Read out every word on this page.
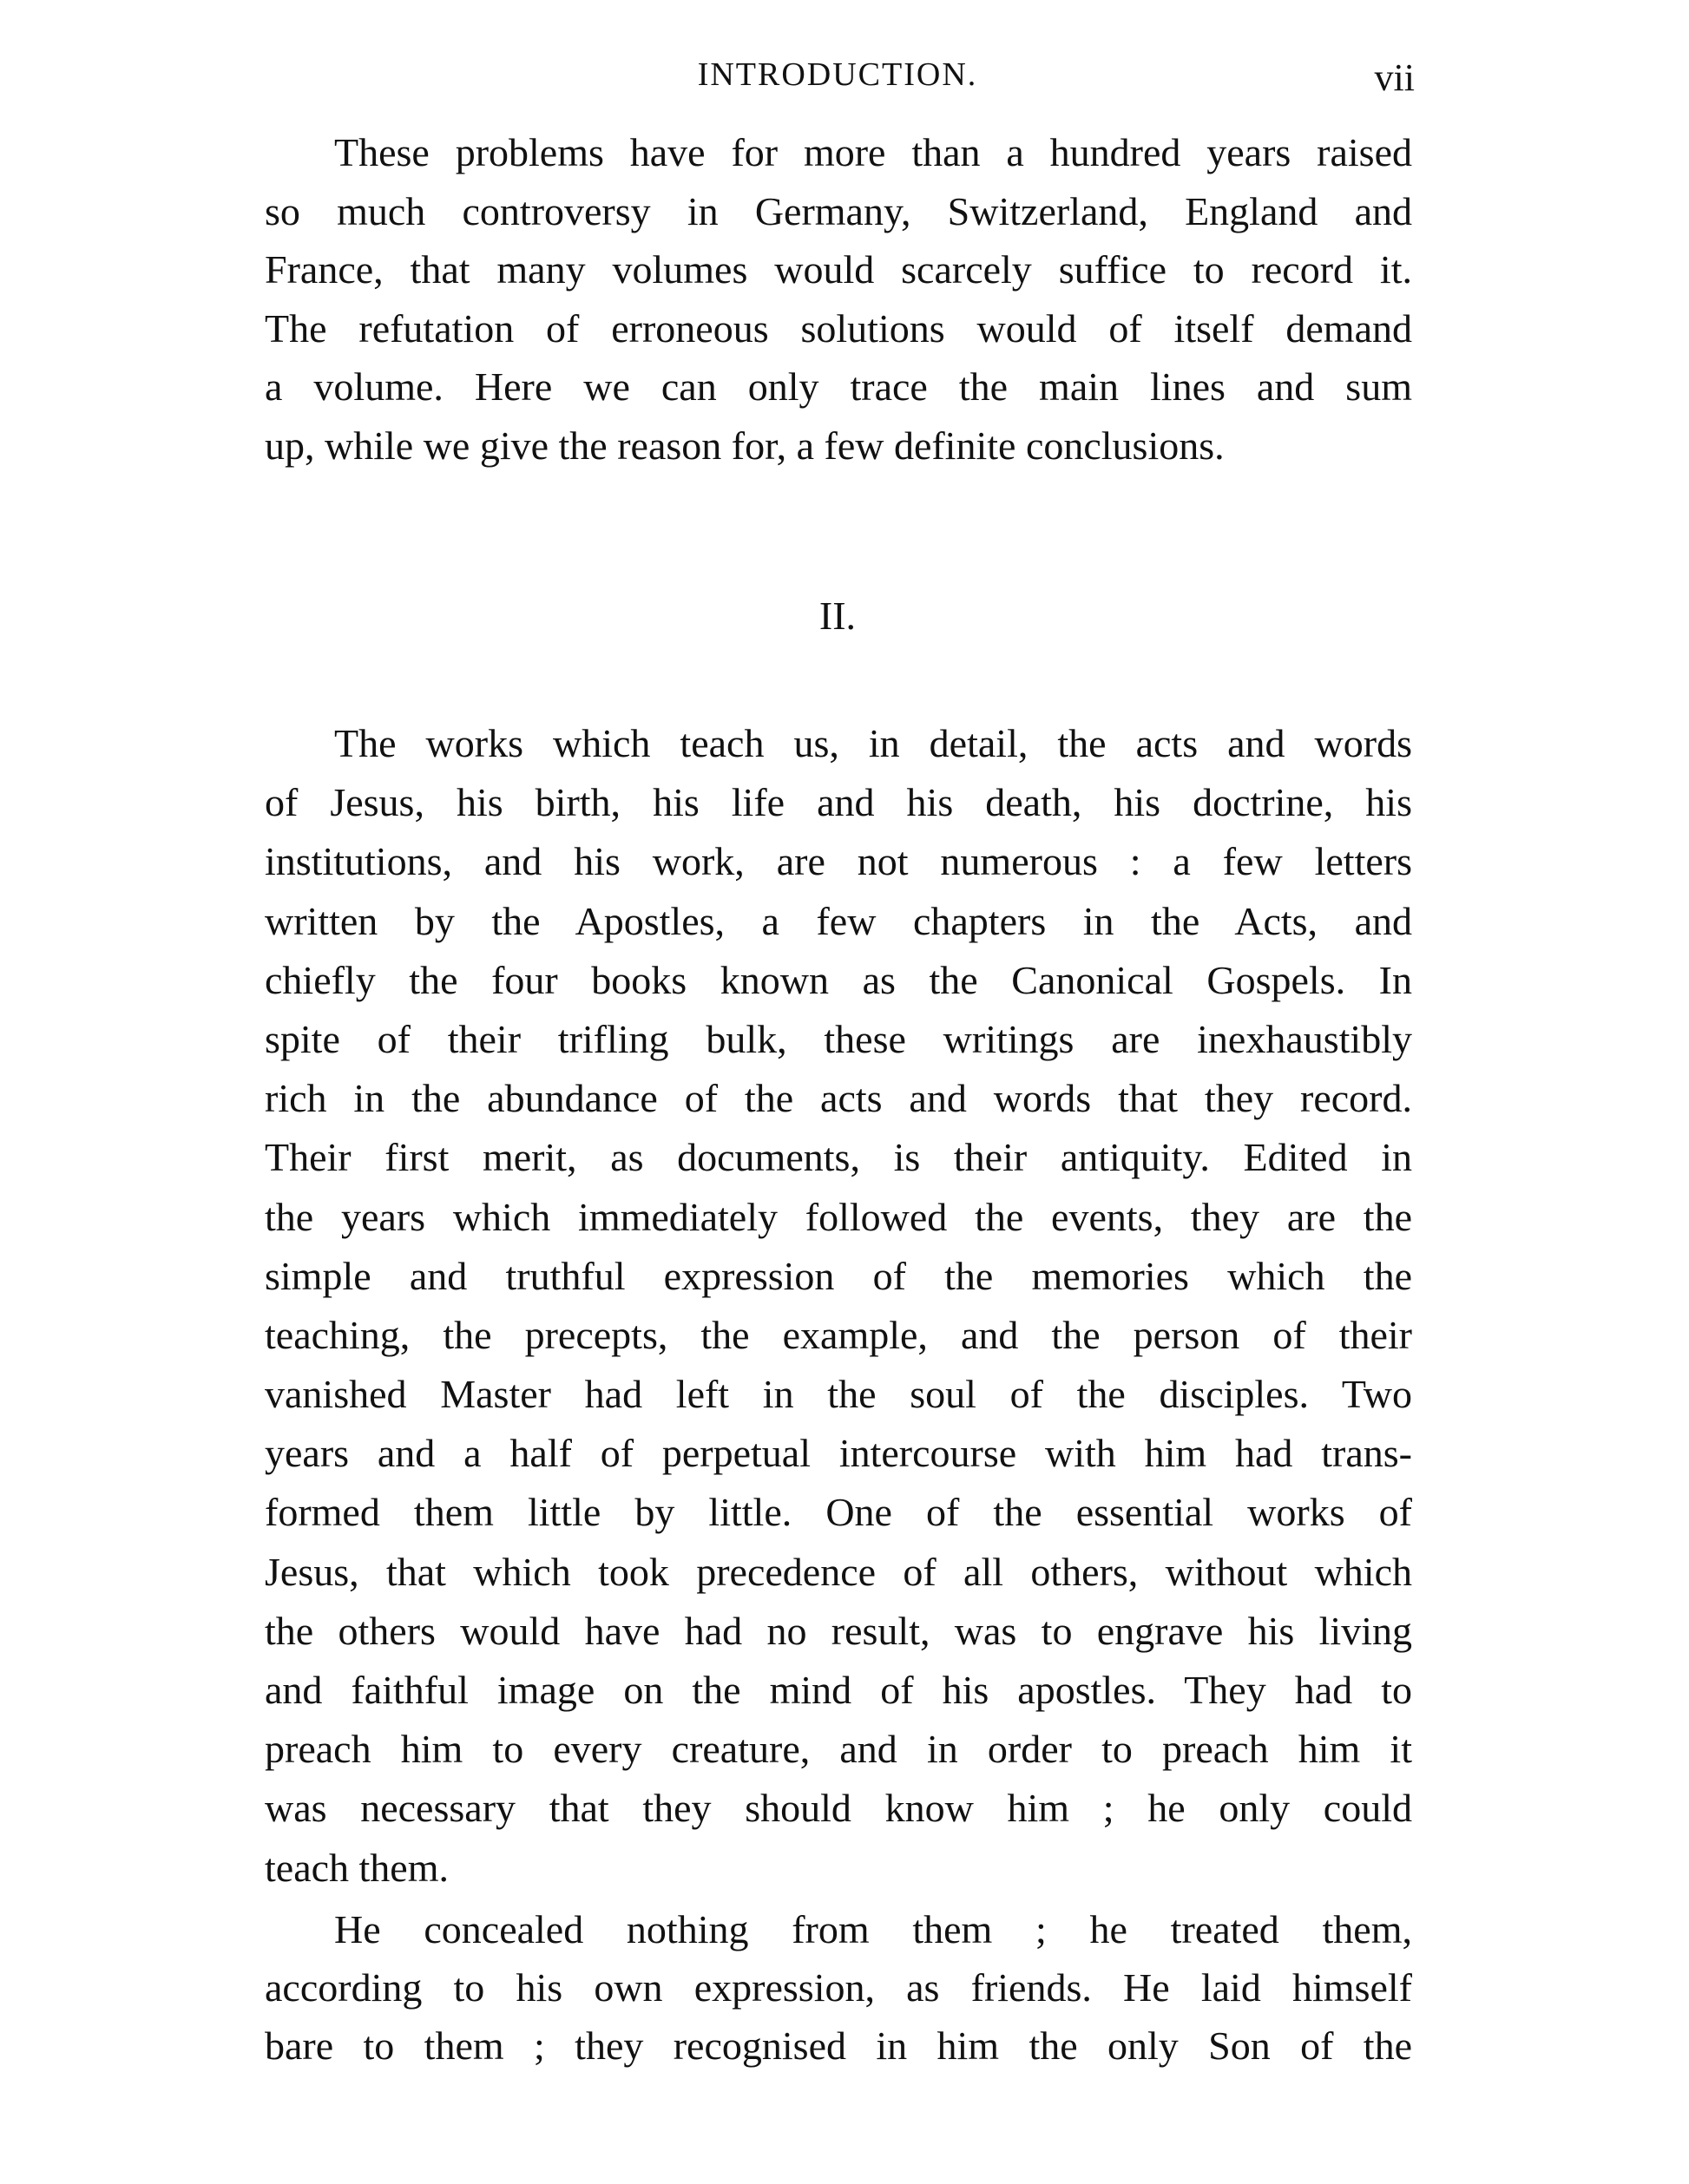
INTRODUCTION.	vii
These problems have for more than a hundred years raised
so much controversy in Germany, Switzerland, England and
France, that many volumes would scarcely suffice to record it.
The refutation of erroneous solutions would of itself demand
a volume. Here we can only trace the main lines and sum
up, while we give the reason for, a few definite conclusions.
II.
The works which teach us, in detail, the acts and words
of Jesus, his birth, his life and his death, his doctrine, his
institutions, and his work, are not numerous : a few letters
written by the Apostles, a few chapters in the Acts, and
chiefly the four books known as the Canonical Gospels. In
spite of their trifling bulk, these writings are inexhaustibly
rich in the abundance of the acts and words that they record.
Their first merit, as documents, is their antiquity. Edited in
the years which immediately followed the events, they are the
simple and truthful expression of the memories which the
teaching, the precepts, the example, and the person of their
vanished Master had left in the soul of the disciples. Two
years and a half of perpetual intercourse with him had trans-
formed them little by little. One of the essential works of
Jesus, that which took precedence of all others, without which
the others would have had no result, was to engrave his living
and faithful image on the mind of his apostles. They had to
preach him to every creature, and in order to preach him it
was necessary that they should know him ; he only could
teach them.
He concealed nothing from them ; he treated them,
according to his own expression, as friends. He laid himself
bare to them ; they recognised in him the only Son of the
